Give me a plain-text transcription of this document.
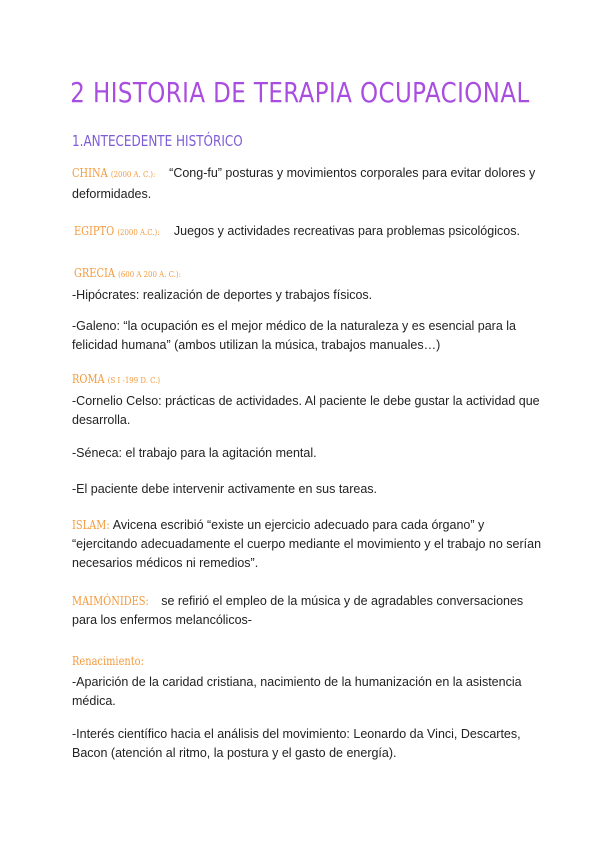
2 HISTORIA DE TERAPIA OCUPACIONAL
1.ANTECEDENTE HISTÓRICO
CHINA (2000 A. C.): “Cong-fu” posturas y movimientos corporales para evitar dolores y deformidades.
EGIPTO (2000 A.C.): Juegos y actividades recreativas para problemas psicológicos.
GRECIA (600 A 200 A. C.):
-Hipócrates: realización de deportes y trabajos físicos.
-Galeno: “la ocupación es el mejor médico de la naturaleza y es esencial para la felicidad humana” (ambos utilizan la música, trabajos manuales…)
ROMA (S I -199 D. C.)
-Cornelio Celso: prácticas de actividades. Al paciente le debe gustar la actividad que desarrolla.
-Séneca: el trabajo para la agitación mental.
-El paciente debe intervenir activamente en sus tareas.
ISLAM: Avicena escribió “existe un ejercicio adecuado para cada órgano” y “ejercitando adecuadamente el cuerpo mediante el movimiento y el trabajo no serían necesarios médicos ni remedios”.
MAIMÓNIDES: se refirió el empleo de la música y de agradables conversaciones para los enfermos melancólicos-
Renacimiento:
-Aparición de la caridad cristiana, nacimiento de la humanización en la asistencia médica.
-Interés científico hacia el análisis del movimiento: Leonardo da Vinci, Descartes, Bacon (atención al ritmo, la postura y el gasto de energía).
